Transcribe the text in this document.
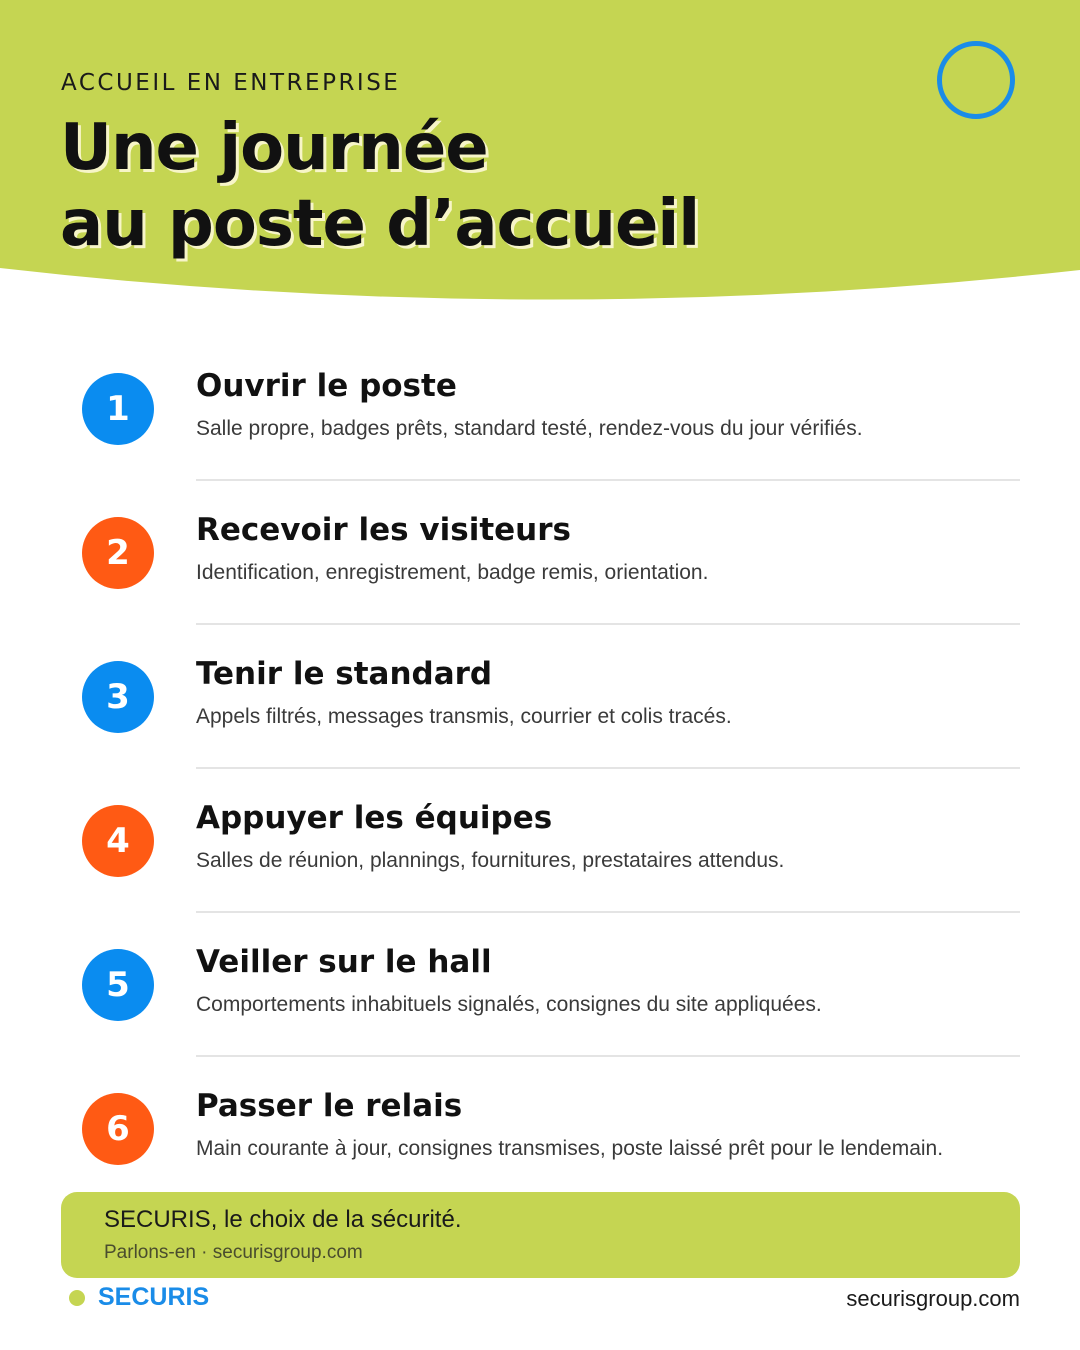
ACCUEIL EN ENTREPRISE
Une journée
au poste d’accueil
1
Ouvrir le poste
Salle propre, badges prêts, standard testé, rendez-vous du jour vérifiés.
2
Recevoir les visiteurs
Identification, enregistrement, badge remis, orientation.
3
Tenir le standard
Appels filtrés, messages transmis, courrier et colis tracés.
4
Appuyer les équipes
Salles de réunion, plannings, fournitures, prestataires attendus.
5
Veiller sur le hall
Comportements inhabituels signalés, consignes du site appliquées.
6
Passer le relais
Main courante à jour, consignes transmises, poste laissé prêt pour le lendemain.
SECURIS, le choix de la sécurité.
Parlons-en · securisgroup.com
SECURIS	securisgroup.com
